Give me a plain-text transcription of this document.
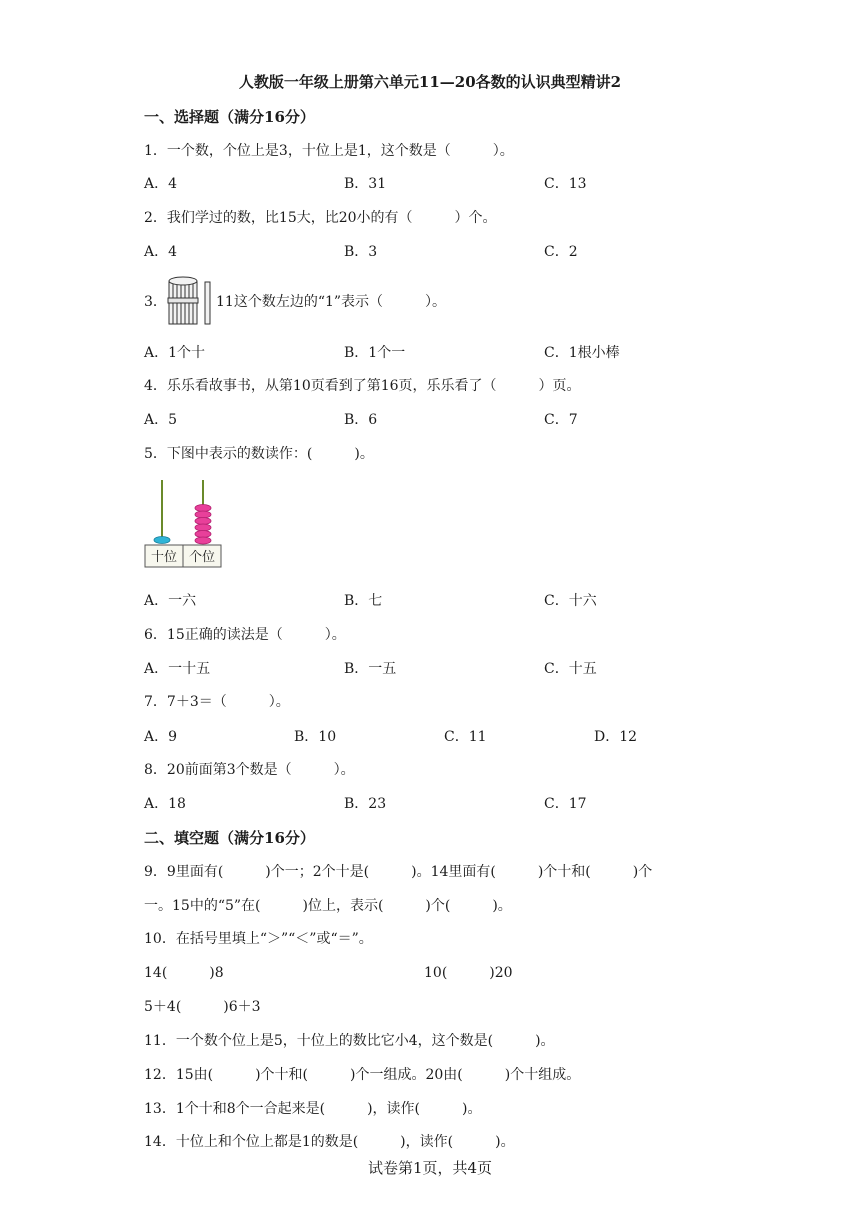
人教版一年级上册第六单元11—20各数的认识典型精讲2
一、选择题（满分16分）
1．一个数，个位上是3，十位上是1，这个数是（　　　）。
A．4	B．31	C．13
2．我们学过的数，比15大，比20小的有（　　　）个。
A．4	B．3	C．2
3．	11这个数左边的“1”表示（　　　）。
A．1个十	B．1个一	C．1根小棒
4．乐乐看故事书，从第10页看到了第16页，乐乐看了（　　　）页。
A．5	B．6	C．7
5．下图中表示的数读作：(　　　)。
十位 个位
A．一六	B．七	C．十六
6．15正确的读法是（　　　）。
A．一十五	B．一五	C．十五
7．7＋3＝（　　　）。
A．9	B．10	C．11	D．12
8．20前面第3个数是（　　　）。
A．18	B．23	C．17
二、填空题（满分16分）
9．9里面有(　　　)个一；2个十是(　　　)。14里面有(　　　)个十和(　　　)个
一。15中的“5”在(　　　)位上，表示(　　　)个(　　　)。
10．在括号里填上“＞”“＜”或“＝”。
14(　　　)8	10(　　　)20
5＋4(　　　)6＋3
11．一个数个位上是5，十位上的数比它小4，这个数是(　　　)。
12．15由(　　　)个十和(　　　)个一组成。20由(　　　)个十组成。
13．1个十和8个一合起来是(　　　)，读作(　　　)。
14．十位上和个位上都是1的数是(　　　)，读作(　　　)。
试卷第1页，共4页
